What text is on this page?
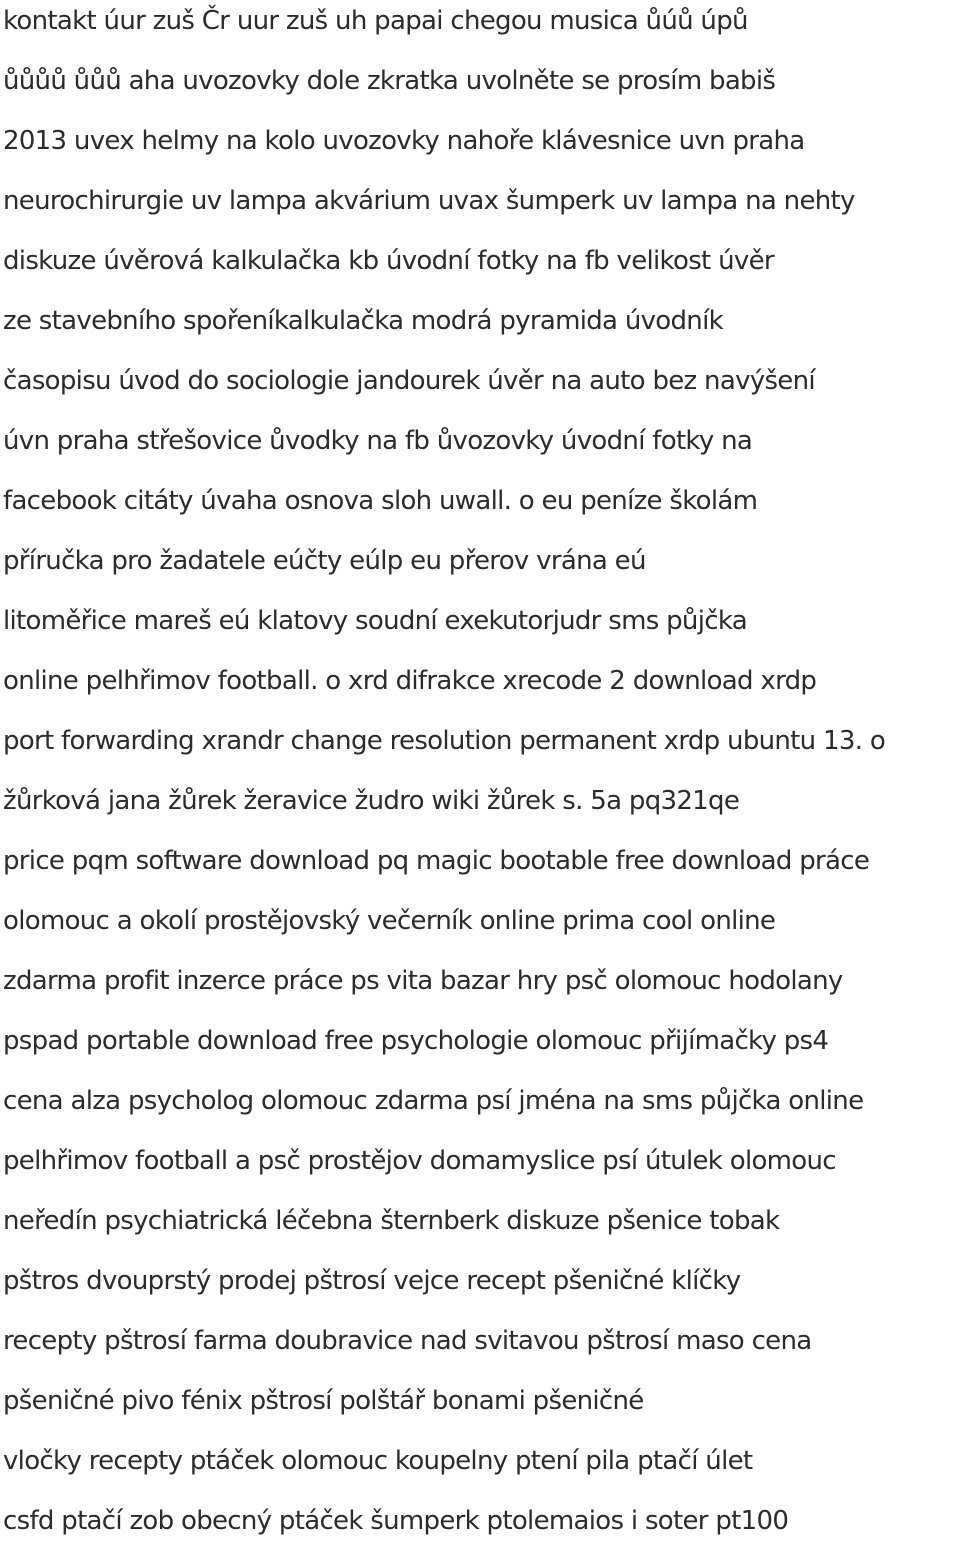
kontakt úur zuš Čr uur zuš uh papai chegou musica ůúů úpů
ůůůů ůůů aha uvozovky dole zkratka uvolněte se prosím babiš
2013 uvex helmy na kolo uvozovky nahoře klávesnice uvn praha
neurochirurgie uv lampa akvárium uvax šumperk uv lampa na nehty
diskuze úvěrová kalkulačka kb úvodní fotky na fb velikost úvěr
ze stavebního spořeníkalkulačka modrá pyramida úvodník
časopisu úvod do sociologie jandourek úvěr na auto bez navýšení
úvn praha střešovice ůvodky na fb ůvozovky úvodní fotky na
facebook citáty úvaha osnova sloh uwall. o eu peníze školám
příručka pro žadatele eúčty eúlp eu přerov vrána eú
litoměřice mareš eú klatovy soudní exekutorjudr sms půjčka
online pelhřimov football. o xrd difrakce xrecode 2 download xrdp
port forwarding xrandr change resolution permanent xrdp ubuntu 13. o
žůrková jana žůrek žeravice žudro wiki žůrek s. 5a pq321qe
price pqm software download pq magic bootable free download práce
olomouc a okolí prostějovský večerník online prima cool online
zdarma profit inzerce práce ps vita bazar hry psč olomouc hodolany
pspad portable download free psychologie olomouc přijímačky ps4
cena alza psycholog olomouc zdarma psí jména na sms půjčka online
pelhřimov football a psč prostějov domamyslice psí útulek olomouc
neředín psychiatrická léčebna šternberk diskuze pšenice tobak
pštros dvouprstý prodej pštrosí vejce recept pšeničné klíčky
recepty pštrosí farma doubravice nad svitavou pštrosí maso cena
pšeničné pivo fénix pštrosí polštář bonami pšeničné
vločky recepty ptáček olomouc koupelny ptení pila ptačí úlet
csfd ptačí zob obecný ptáček šumperk ptolemaios i soter pt100
